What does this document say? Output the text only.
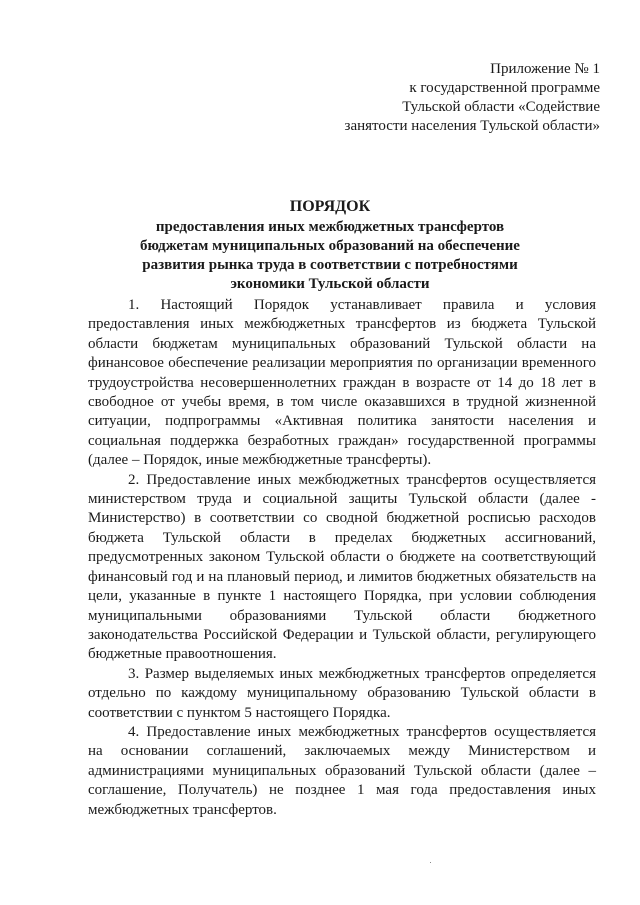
Приложение № 1
к государственной программе
Тульской области «Содействие
занятости населения Тульской области»
ПОРЯДОК
предоставления иных межбюджетных трансфертов
бюджетам муниципальных образований на обеспечение
развития рынка труда в соответствии с потребностями
экономики Тульской области

1. Настоящий Порядок устанавливает правила и условия предоставления иных межбюджетных трансфертов из бюджета Тульской области бюджетам муниципальных образований Тульской области на финансовое обеспечение реализации мероприятия по организации временного трудоустройства несовершеннолетних граждан в возрасте от 14 до 18 лет в свободное от учебы время, в том числе оказавшихся в трудной жизненной ситуации, подпрограммы «Активная политика занятости населения и социальная поддержка безработных граждан» государственной программы (далее – Порядок, иные межбюджетные трансферты).

2. Предоставление иных межбюджетных трансфертов осуществляется министерством труда и социальной защиты Тульской области (далее - Министерство) в соответствии со сводной бюджетной росписью расходов бюджета Тульской области в пределах бюджетных ассигнований, предусмотренных законом Тульской области о бюджете на соответствующий финансовый год и на плановый период, и лимитов бюджетных обязательств на цели, указанные в пункте 1 настоящего Порядка, при условии соблюдения муниципальными образованиями Тульской области бюджетного законодательства Российской Федерации и Тульской области, регулирующего бюджетные правоотношения.

3. Размер выделяемых иных межбюджетных трансфертов определяется отдельно по каждому муниципальному образованию Тульской области в соответствии с пунктом 5 настоящего Порядка.

4. Предоставление иных межбюджетных трансфертов осуществляется на основании соглашений, заключаемых между Министерством и администрациями муниципальных образований Тульской области (далее – соглашение, Получатель) не позднее 1 мая года предоставления иных межбюджетных трансфертов.
